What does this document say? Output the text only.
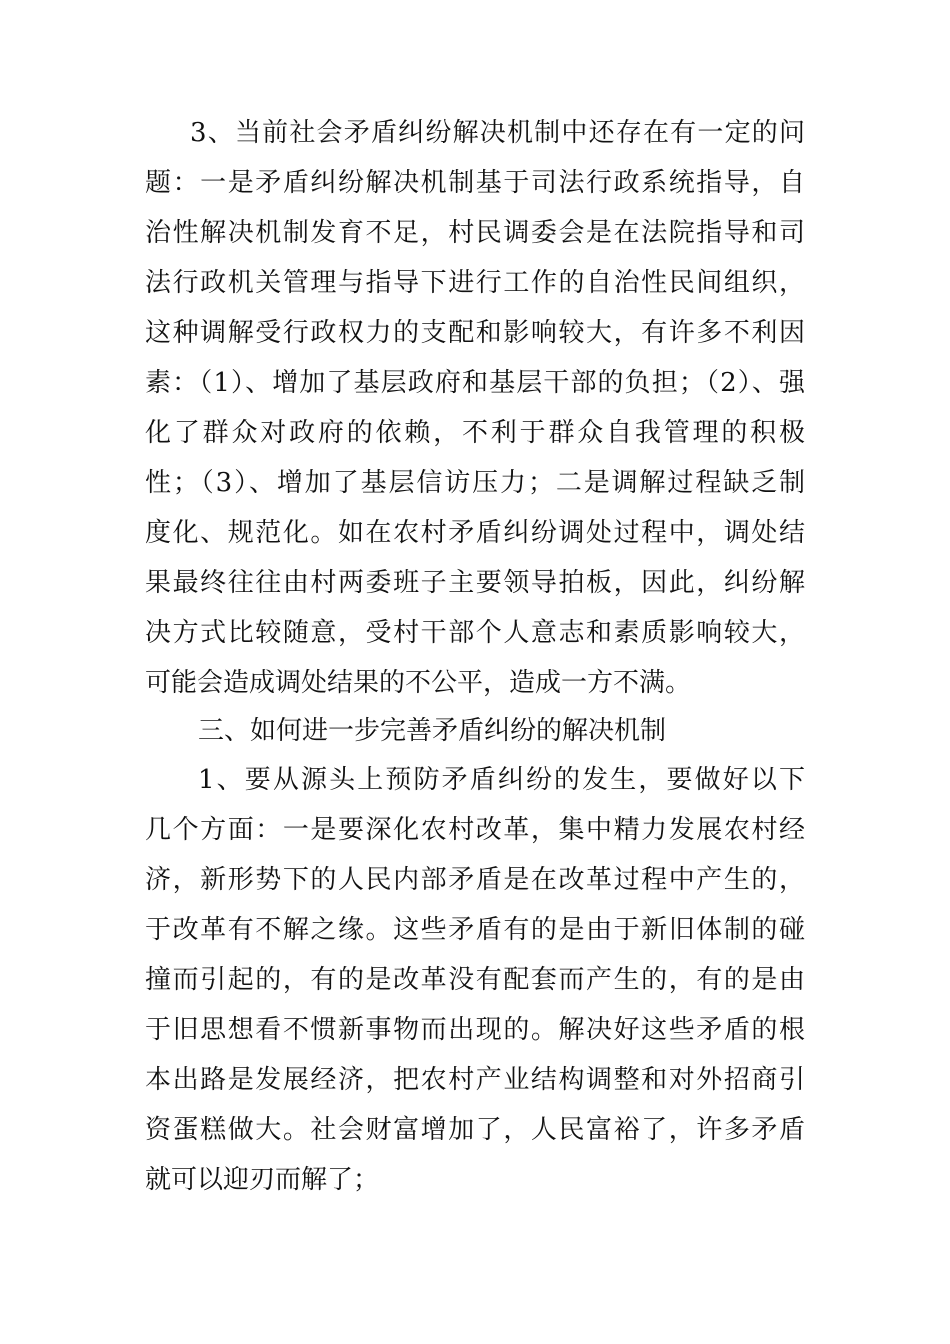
3、当前社会矛盾纠纷解决机制中还存在有一定的问
题：一是矛盾纠纷解决机制基于司法行政系统指导，自
治性解决机制发育不足，村民调委会是在法院指导和司
法行政机关管理与指导下进行工作的自治性民间组织，
这种调解受行政权力的支配和影响较大，有许多不利因
素：（1）、增加了基层政府和基层干部的负担；（2）、强
化了群众对政府的依赖，不利于群众自我管理的积极
性；（3）、增加了基层信访压力；二是调解过程缺乏制
度化、规范化。如在农村矛盾纠纷调处过程中，调处结
果最终往往由村两委班子主要领导拍板，因此，纠纷解
决方式比较随意，受村干部个人意志和素质影响较大，
可能会造成调处结果的不公平，造成一方不满。
三、如何进一步完善矛盾纠纷的解决机制
1、要从源头上预防矛盾纠纷的发生，要做好以下
几个方面：一是要深化农村改革，集中精力发展农村经
济，新形势下的人民内部矛盾是在改革过程中产生的，
于改革有不解之缘。这些矛盾有的是由于新旧体制的碰
撞而引起的，有的是改革没有配套而产生的，有的是由
于旧思想看不惯新事物而出现的。解决好这些矛盾的根
本出路是发展经济，把农村产业结构调整和对外招商引
资蛋糕做大。社会财富增加了，人民富裕了，许多矛盾
就可以迎刃而解了；
